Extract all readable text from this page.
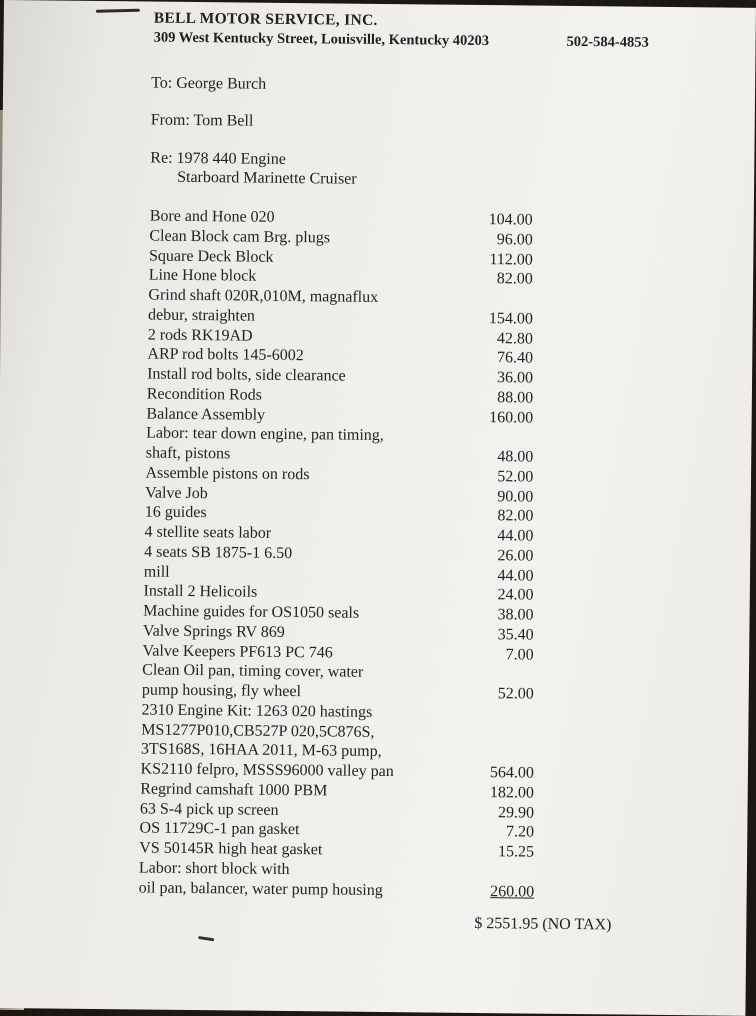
BELL MOTOR SERVICE, INC.
309 West Kentucky Street, Louisville, Kentucky 40203	502-584-4853
To: George Burch
From: Tom Bell
Re: 1978 440 Engine
Starboard Marinette Cruiser
Bore and Hone 020	104.00
Clean Block cam Brg. plugs	96.00
Square Deck Block	112.00
Line Hone block	82.00
Grind shaft 020R,010M, magnaflux
debur, straighten	154.00
2 rods RK19AD	42.80
ARP rod bolts 145-6002	76.40
Install rod bolts, side clearance	36.00
Recondition Rods	88.00
Balance Assembly	160.00
Labor: tear down engine, pan timing,
shaft, pistons	48.00
Assemble pistons on rods	52.00
Valve Job	90.00
16 guides	82.00
4 stellite seats labor	44.00
4 seats SB 1875-1 6.50	26.00
mill	44.00
Install 2 Helicoils	24.00
Machine guides for OS1050 seals	38.00
Valve Springs RV 869	35.40
Valve Keepers PF613 PC 746	7.00
Clean Oil pan, timing cover, water
pump housing, fly wheel	52.00
2310 Engine Kit: 1263 020 hastings
MS1277P010,CB527P 020,5C876S,
3TS168S, 16HAA 2011, M-63 pump,
KS2110 felpro, MSSS96000 valley pan	564.00
Regrind camshaft 1000 PBM	182.00
63 S-4 pick up screen	29.90
OS 11729C-1 pan gasket	7.20
VS 50145R high heat gasket	15.25
Labor: short block with
oil pan, balancer, water pump housing	260.00
$ 2551.95 (NO TAX)
